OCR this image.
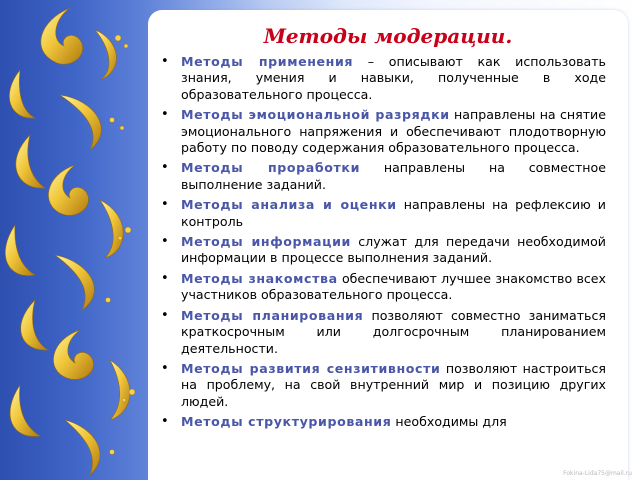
Методы модерации.
• Методы применения – описывают как использовать знания, умения и навыки, полученные в ходе образовательного процесса.
• Методы эмоциональной разрядки направлены на снятие эмоционального напряжения и обеспечивают плодотворную работу по поводу содержания образовательного процесса.
• Методы проработки направлены на совместное выполнение заданий.
• Методы анализа и оценки направлены на рефлексию и контроль
• Методы информации служат для передачи необходимой информации в процессе выполнения заданий.
• Методы знакомства обеспечивают лучшее знакомство всех участников образовательного процесса.
• Методы планирования позволяют совместно заниматься краткосрочным или долгосрочным планированием деятельности.
• Методы развития сензитивности позволяют настроиться на проблему, на свой внутренний мир и позицию других людей.
• Методы структурирования необходимы для
Fokina-Lida75@mail.ru
